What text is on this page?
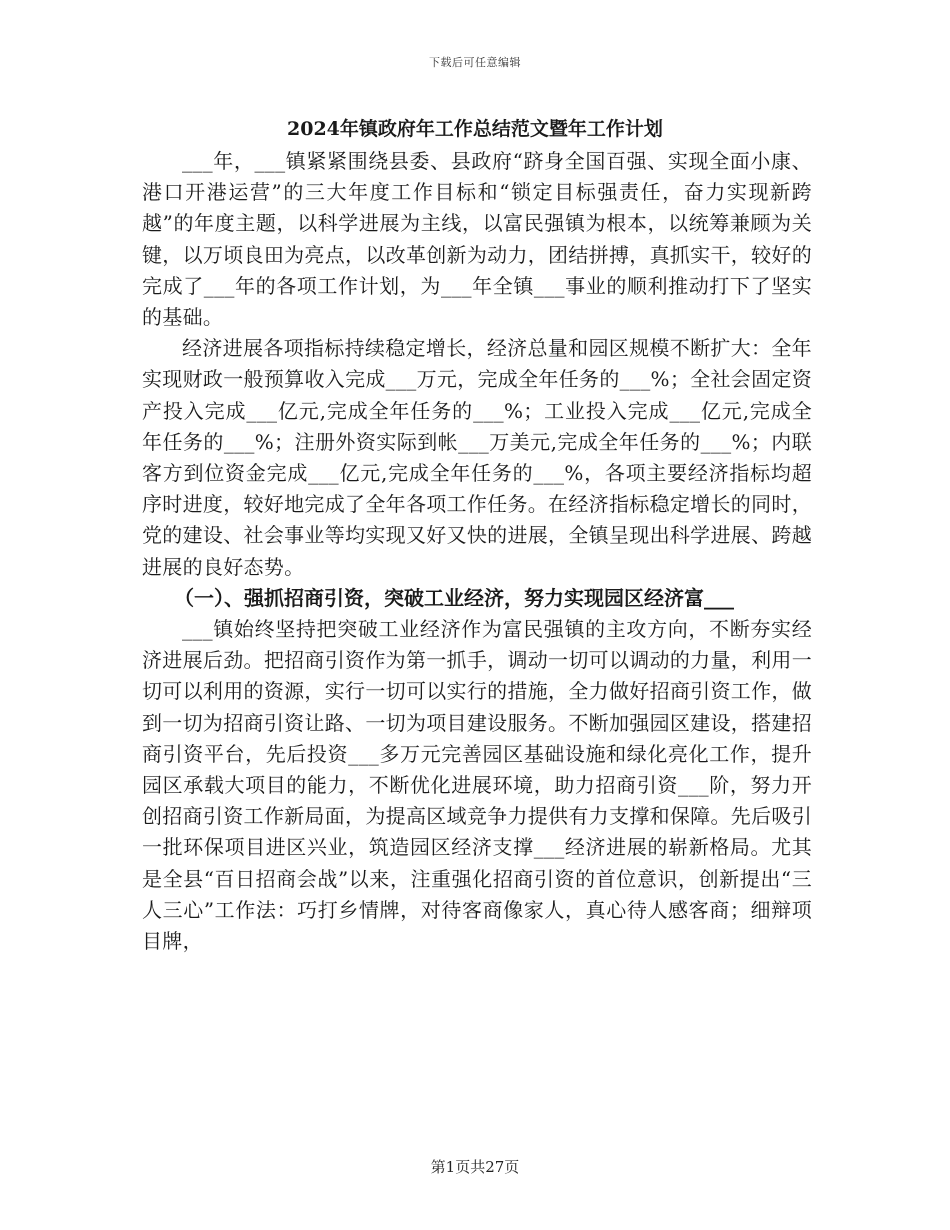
下载后可任意编辑
2024年镇政府年工作总结范文暨年工作计划

___年，___镇紧紧围绕县委、县政府“跻身全国百强、实现全面小康、港口开港运营”的三大年度工作目标和“锁定目标强责任，奋力实现新跨越”的年度主题，以科学进展为主线，以富民强镇为根本，以统筹兼顾为关键，以万顷良田为亮点，以改革创新为动力，团结拼搏，真抓实干，较好的完成了___年的各项工作计划，为___年全镇___事业的顺利推动打下了坚实的基础。

经济进展各项指标持续稳定增长，经济总量和园区规模不断扩大：全年实现财政一般预算收入完成___万元，完成全年任务的___%；全社会固定资产投入完成___亿元,完成全年任务的___%；工业投入完成___亿元,完成全年任务的___%；注册外资实际到帐___万美元,完成全年任务的___%；内联客方到位资金完成___亿元,完成全年任务的___%，各项主要经济指标均超序时进度，较好地完成了全年各项工作任务。在经济指标稳定增长的同时，党的建设、社会事业等均实现又好又快的进展，全镇呈现出科学进展、跨越进展的良好态势。

（一）、强抓招商引资，突破工业经济，努力实现园区经济富___

___镇始终坚持把突破工业经济作为富民强镇的主攻方向，不断夯实经济进展后劲。把招商引资作为第一抓手，调动一切可以调动的力量，利用一切可以利用的资源，实行一切可以实行的措施，全力做好招商引资工作，做到一切为招商引资让路、一切为项目建设服务。不断加强园区建设，搭建招商引资平台，先后投资___多万元完善园区基础设施和绿化亮化工作，提升园区承载大项目的能力，不断优化进展环境，助力招商引资___阶，努力开创招商引资工作新局面，为提高区域竞争力提供有力支撑和保障。先后吸引一批环保项目进区兴业，筑造园区经济支撑___经济进展的崭新格局。尤其是全县“百日招商会战”以来，注重强化招商引资的首位意识，创新提出“三人三心”工作法：巧打乡情牌，对待客商像家人，真心待人感客商；细辩项目牌，

第1页共27页
